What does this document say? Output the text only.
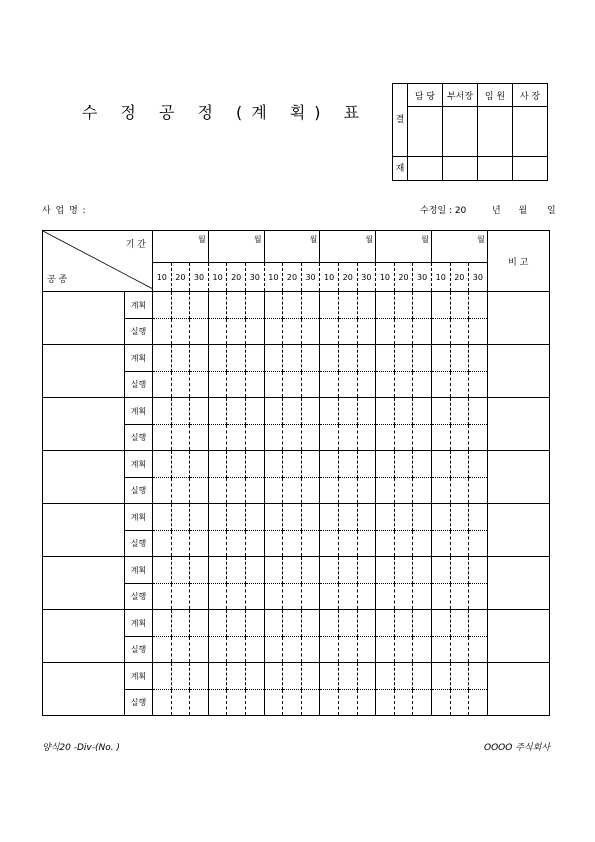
수 정 공 정 (계 획) 표	결	담 당	부서장	임 원	사 장

재				

사 업 명 :	수정일 : 20	년 월 일
기 간
공 종		월			월			월			월			월			월			비 고
		10	20	30	10	20	30	10	20	30	10	20	30	10	20	30	10	20	30	
	계획																			
	실행																			
	계획																			
	실행																			
	계획																			
	실행																			
	계획																			
	실행																			
	계획																			
	실행																			
	계획																			
	실행																			
	계획																			
	실행																			
	계획																			
	실행																			
양식20 -Div-(No. )	OOOO 주식회사
